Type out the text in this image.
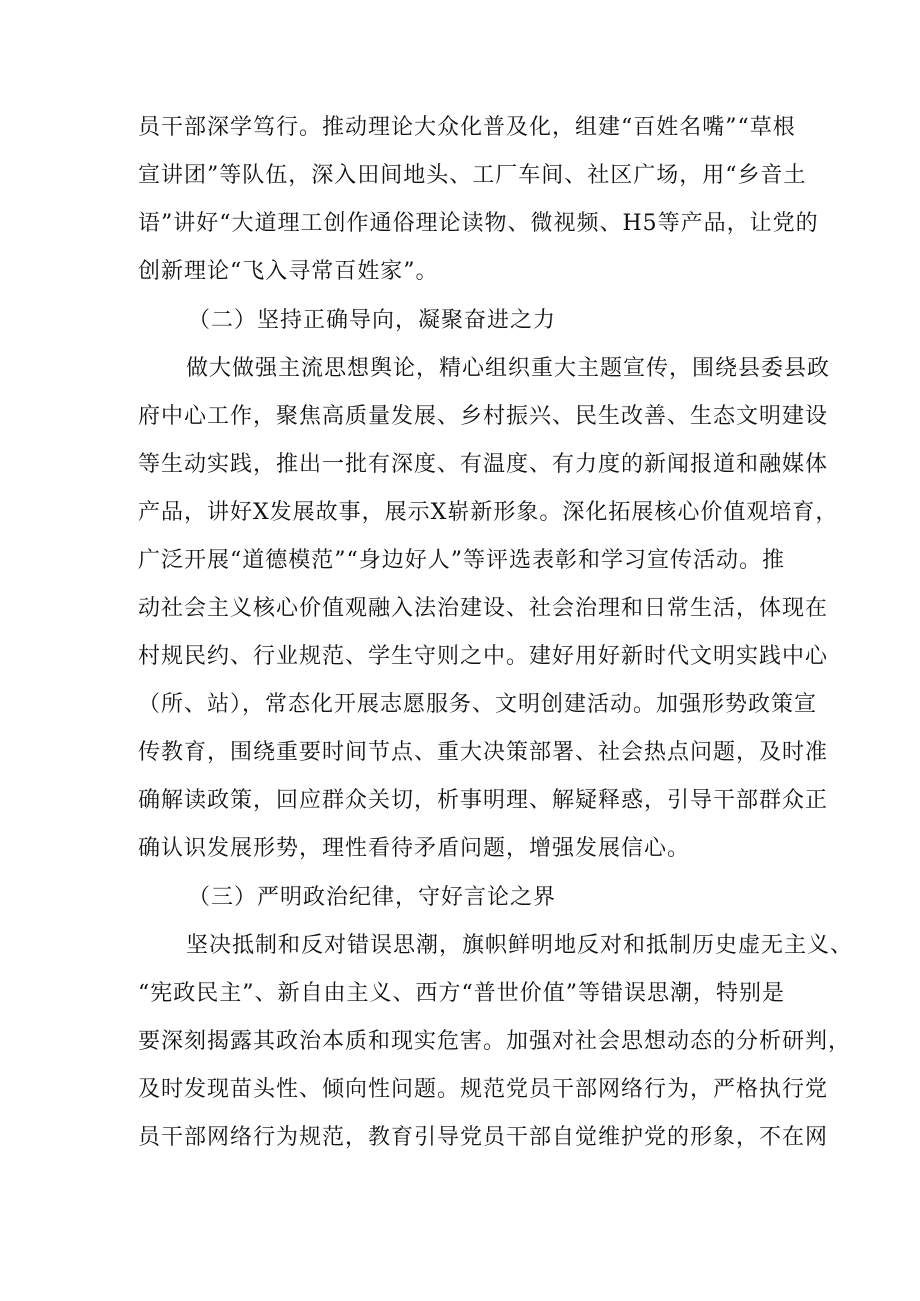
员干部深学笃行。推动理论大众化普及化，组建“百姓名嘴”“草根
宣讲团”等队伍，深入田间地头、工厂车间、社区广场，用“乡音土
语”讲好“大道理工创作通俗理论读物、微视频、H5等产品，让党的
创新理论“飞入寻常百姓家”。
（二）坚持正确导向，凝聚奋进之力
做大做强主流思想舆论，精心组织重大主题宣传，围绕县委县政
府中心工作，聚焦高质量发展、乡村振兴、民生改善、生态文明建设
等生动实践，推出一批有深度、有温度、有力度的新闻报道和融媒体
产品，讲好X发展故事，展示X崭新形象。深化拓展核心价值观培育，
广泛开展“道德模范”“身边好人”等评选表彰和学习宣传活动。推
动社会主义核心价值观融入法治建设、社会治理和日常生活，体现在
村规民约、行业规范、学生守则之中。建好用好新时代文明实践中心
（所、站），常态化开展志愿服务、文明创建活动。加强形势政策宣
传教育，围绕重要时间节点、重大决策部署、社会热点问题，及时准
确解读政策，回应群众关切，析事明理、解疑释惑，引导干部群众正
确认识发展形势，理性看待矛盾问题，增强发展信心。
（三）严明政治纪律，守好言论之界
坚决抵制和反对错误思潮，旗帜鲜明地反对和抵制历史虚无主义、
“宪政民主”、新自由主义、西方“普世价值”等错误思潮，特别是
要深刻揭露其政治本质和现实危害。加强对社会思想动态的分析研判，
及时发现苗头性、倾向性问题。规范党员干部网络行为，严格执行党
员干部网络行为规范，教育引导党员干部自觉维护党的形象，不在网
